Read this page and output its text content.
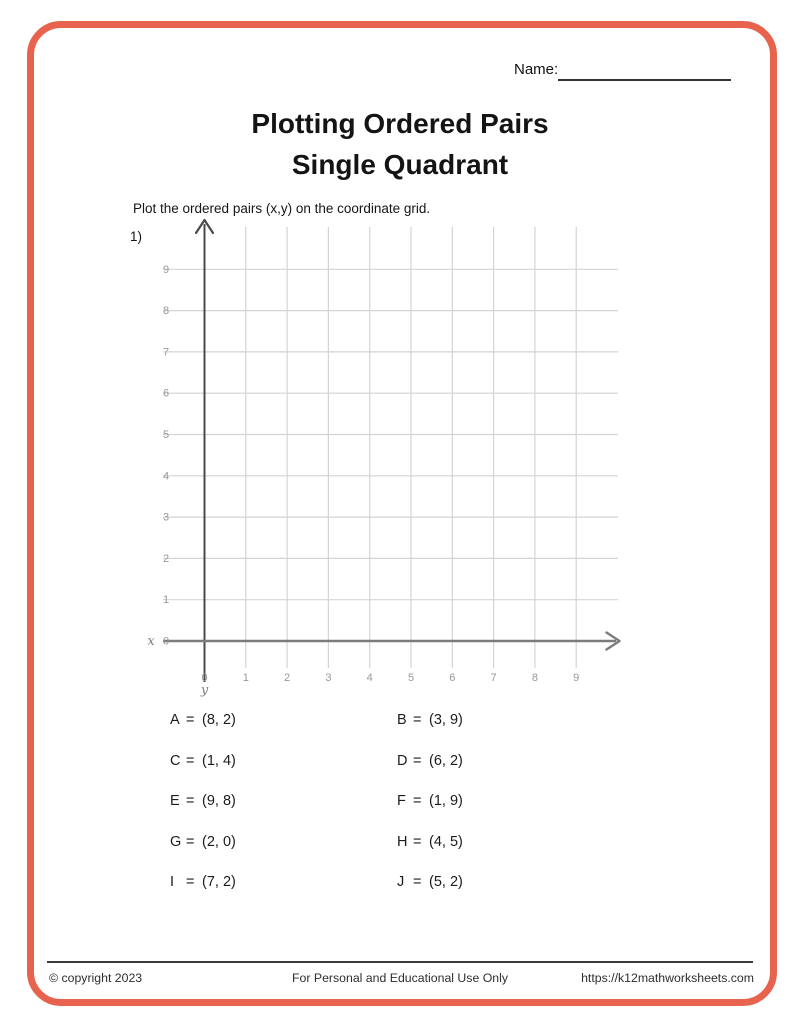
Name:
Plotting Ordered Pairs
Single Quadrant
Plot the ordered pairs (x,y) on the coordinate grid.
1)
0
0
1
1
2
2
3
3
4
4
5
5
6
6
7
7
8
8
9
9
x
y
A = (8, 2)
C = (1, 4)
E = (9, 8)
G = (2, 0)
I = (7, 2)
B = (3, 9)
D = (6, 2)
F = (1, 9)
H = (4, 5)
J = (5, 2)
© copyright 2023	For Personal and Educational Use Only	https://k12mathworksheets.com
